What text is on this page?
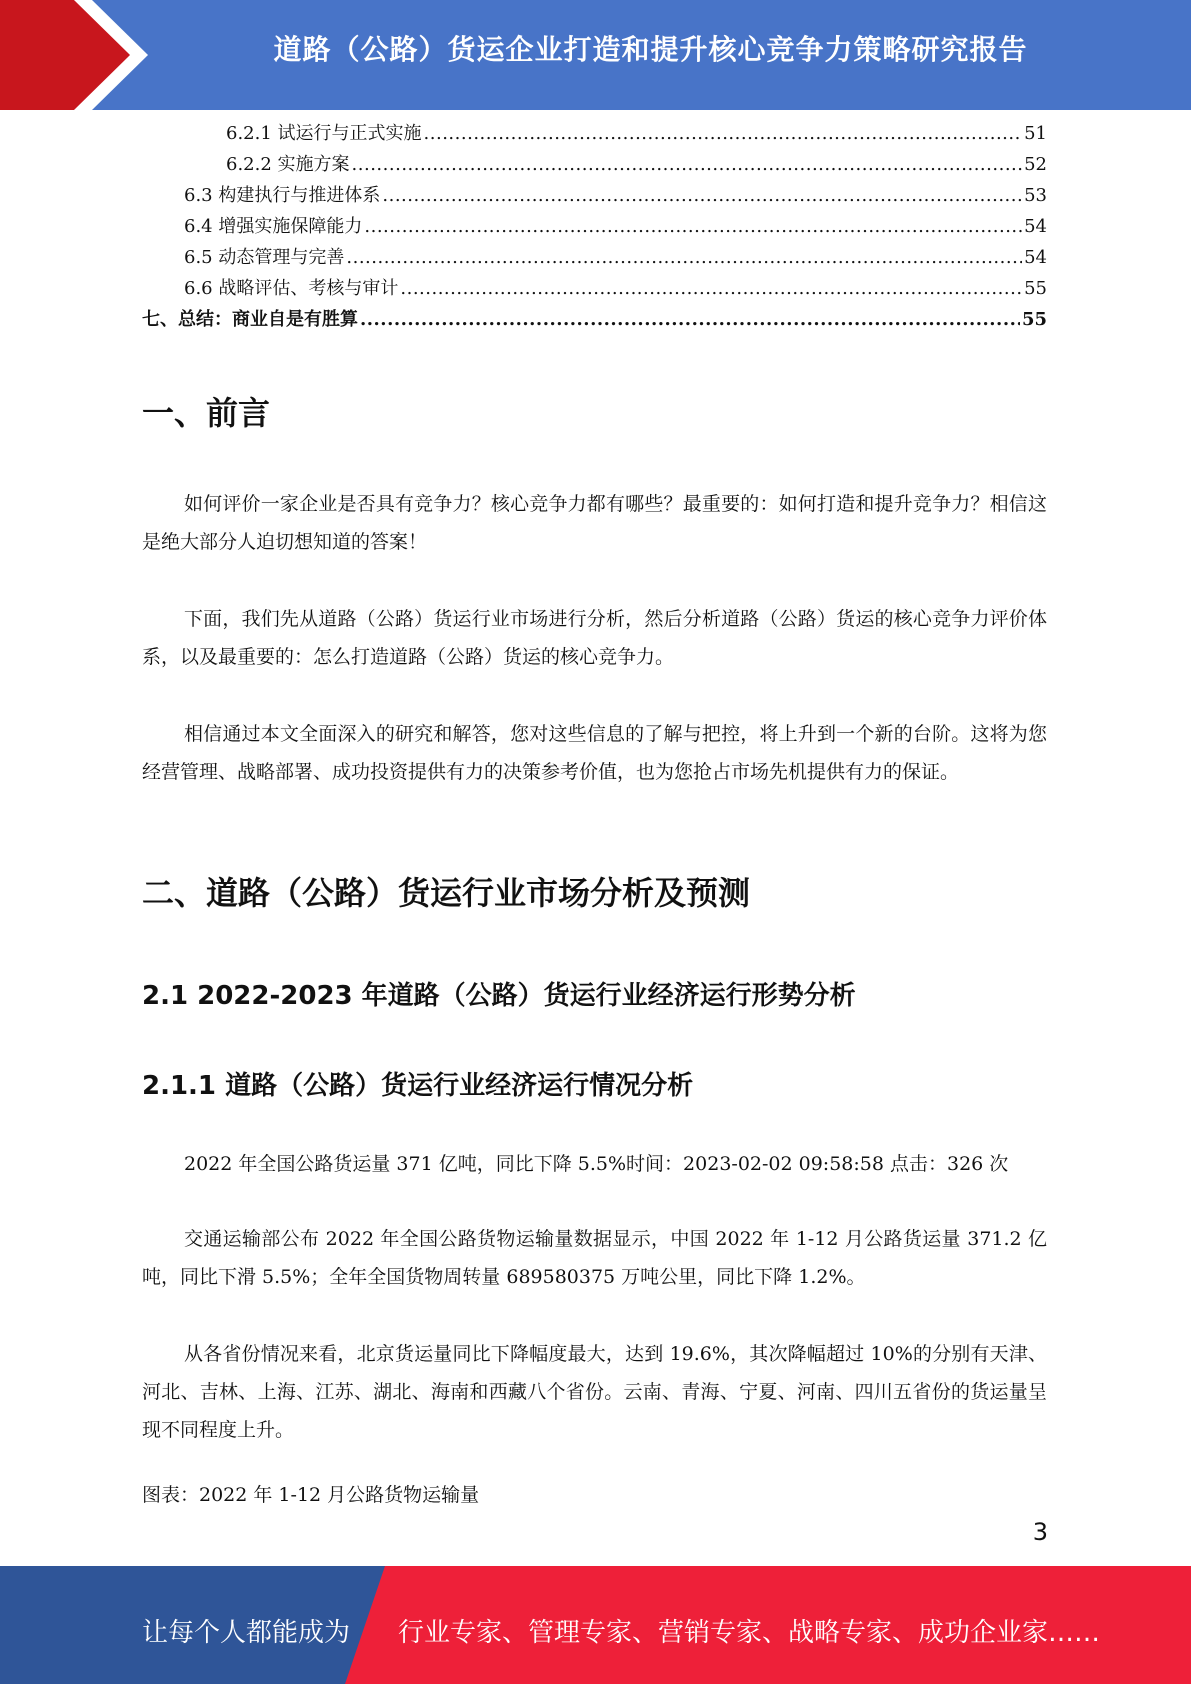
道路（公路）货运企业打造和提升核心竞争力策略研究报告
6.2.1 试运行与正式实施 .....	51
6.2.2 实施方案 .....	52
6.3 构建执行与推进体系 .....	53
6.4 增强实施保障能力 .....	54
6.5 动态管理与完善 .....	54
6.6 战略评估、考核与审计 .....	55
七、总结：商业自是有胜算 .....	55
一、前言

如何评价一家企业是否具有竞争力？核心竞争力都有哪些？最重要的：如何打造和提升竞争力？相信这是绝大部分人迫切想知道的答案！

下面，我们先从道路（公路）货运行业市场进行分析，然后分析道路（公路）货运的核心竞争力评价体系，以及最重要的：怎么打造道路（公路）货运的核心竞争力。

相信通过本文全面深入的研究和解答，您对这些信息的了解与把控，将上升到一个新的台阶。这将为您经营管理、战略部署、成功投资提供有力的决策参考价值，也为您抢占市场先机提供有力的保证。

二、道路（公路）货运行业市场分析及预测
2.1 2022-2023 年道路（公路）货运行业经济运行形势分析
2.1.1 道路（公路）货运行业经济运行情况分析

2022 年全国公路货运量 371 亿吨，同比下降 5.5%时间：2023-02-02 09:58:58 点击：326 次

交通运输部公布 2022 年全国公路货物运输量数据显示，中国 2022 年 1-12 月公路货运量 371.2 亿吨，同比下滑 5.5%；全年全国货物周转量 689580375 万吨公里，同比下降 1.2%。

从各省份情况来看，北京货运量同比下降幅度最大，达到 19.6%，其次降幅超过 10%的分别有天津、河北、吉林、上海、江苏、湖北、海南和西藏八个省份。云南、青海、宁夏、河南、四川五省份的货运量呈现不同程度上升。

图表：2022 年 1-12 月公路货物运输量

3
让每个人都能成为 行业专家、管理专家、营销专家、战略专家、成功企业家……
